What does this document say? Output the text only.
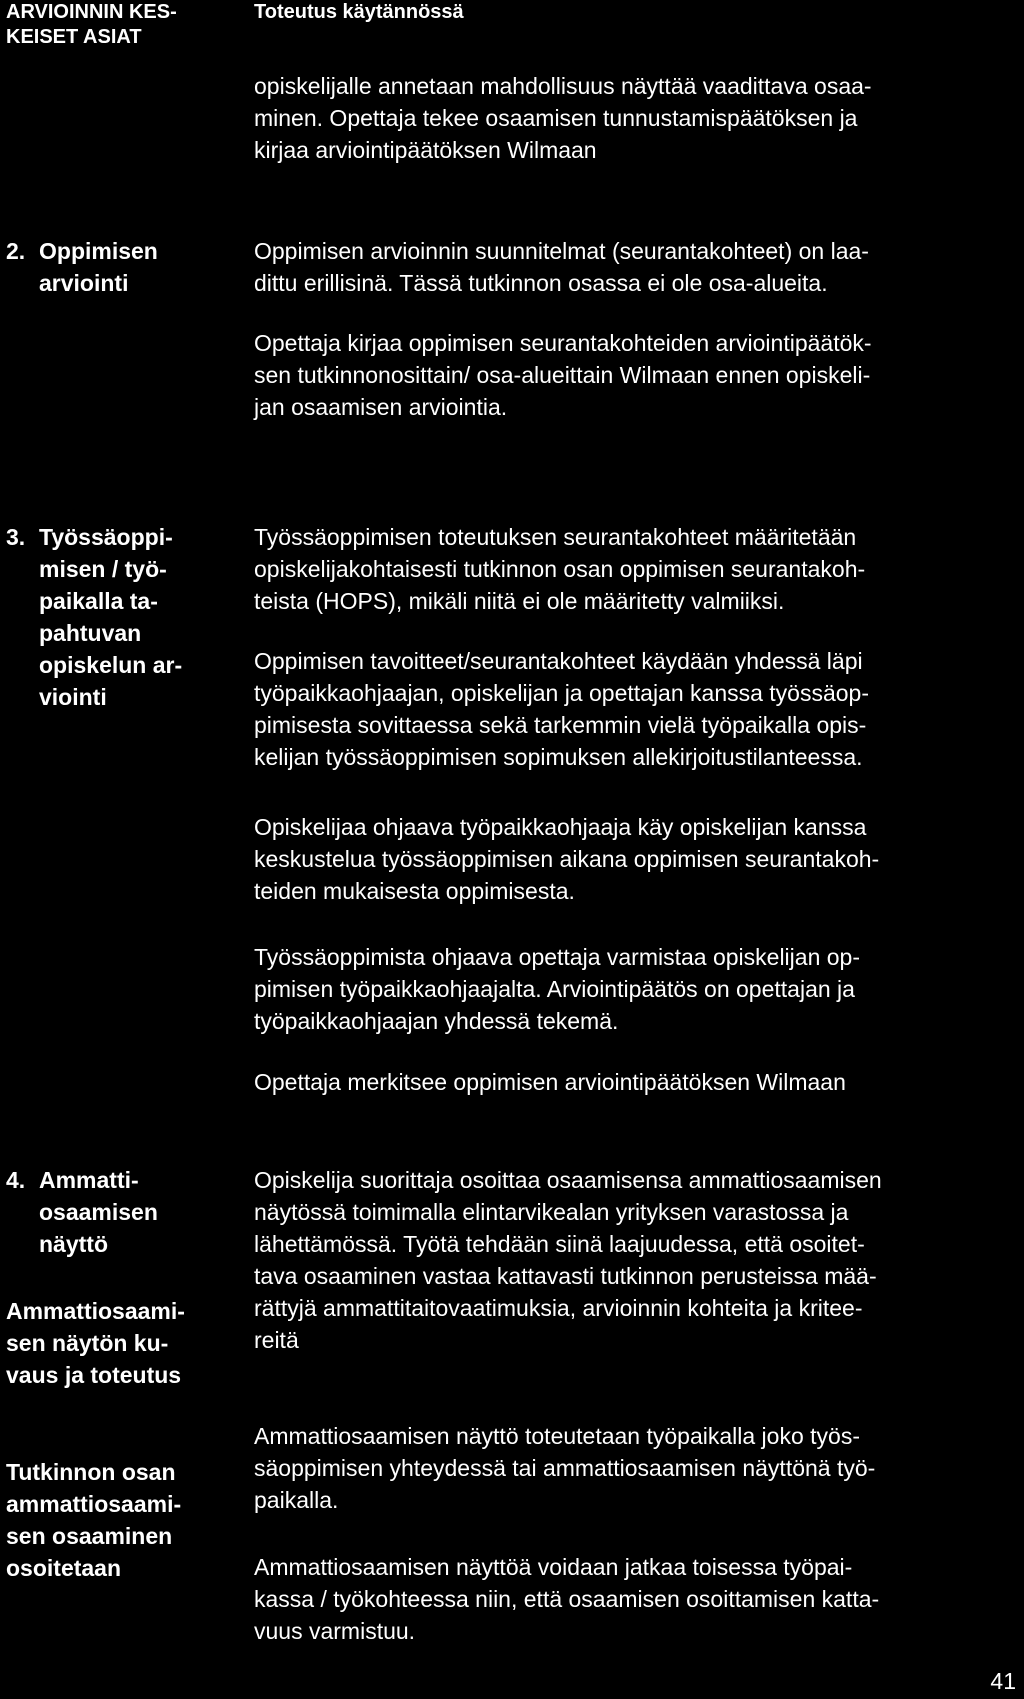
ARVIOINNIN KES-
KEISET ASIAT
Toteutus käytännössä
opiskelijalle annetaan mahdollisuus näyttää vaadittava osaa-
minen. Opettaja tekee osaamisen tunnustamispäätöksen ja
kirjaa arviointipäätöksen Wilmaan
2. Oppimisen
arviointi
Oppimisen arvioinnin suunnitelmat (seurantakohteet) on laa-
dittu erillisinä. Tässä tutkinnon osassa ei ole osa-alueita.
Opettaja kirjaa oppimisen seurantakohteiden arviointipäätök-
sen tutkinnonosittain/ osa-alueittain Wilmaan ennen opiskeli-
jan osaamisen arviointia.
3. Työssäoppi-
misen / työ-
paikalla ta-
pahtuvan
opiskelun ar-
viointi
Työssäoppimisen toteutuksen seurantakohteet määritetään
opiskelijakohtaisesti tutkinnon osan oppimisen seurantakoh-
teista (HOPS), mikäli niitä ei ole määritetty valmiiksi.
Oppimisen tavoitteet/seurantakohteet käydään yhdessä läpi
työpaikkaohjaajan, opiskelijan ja opettajan kanssa työssäop-
pimisesta sovittaessa sekä tarkemmin vielä työpaikalla opis-
kelijan työssäoppimisen sopimuksen allekirjoitustilanteessa.
Opiskelijaa ohjaava työpaikkaohjaaja käy opiskelijan kanssa
keskustelua työssäoppimisen aikana oppimisen seurantakoh-
teiden mukaisesta oppimisesta.
Työssäoppimista ohjaava opettaja varmistaa opiskelijan op-
pimisen työpaikkaohjaajalta. Arviointipäätös on opettajan ja
työpaikkaohjaajan yhdessä tekemä.
Opettaja merkitsee oppimisen arviointipäätöksen Wilmaan
4. Ammatti-
osaamisen
näyttö
Ammattiosaami-
sen näytön ku-
vaus ja toteutus
Tutkinnon osan
ammattiosaami-
sen osaaminen
osoitetaan
Opiskelija suorittaja osoittaa osaamisensa ammattiosaamisen
näytössä toimimalla elintarvikealan yrityksen varastossa ja
lähettämössä. Työtä tehdään siinä laajuudessa, että osoitet-
tava osaaminen vastaa kattavasti tutkinnon perusteissa mää-
rättyjä ammattitaitovaatimuksia, arvioinnin kohteita ja kritee-
reitä
Ammattiosaamisen näyttö toteutetaan työpaikalla joko työs-
säoppimisen yhteydessä tai ammattiosaamisen näyttönä työ-
paikalla.
Ammattiosaamisen näyttöä voidaan jatkaa toisessa työpai-
kassa / työkohteessa niin, että osaamisen osoittamisen katta-
vuus varmistuu.
41
